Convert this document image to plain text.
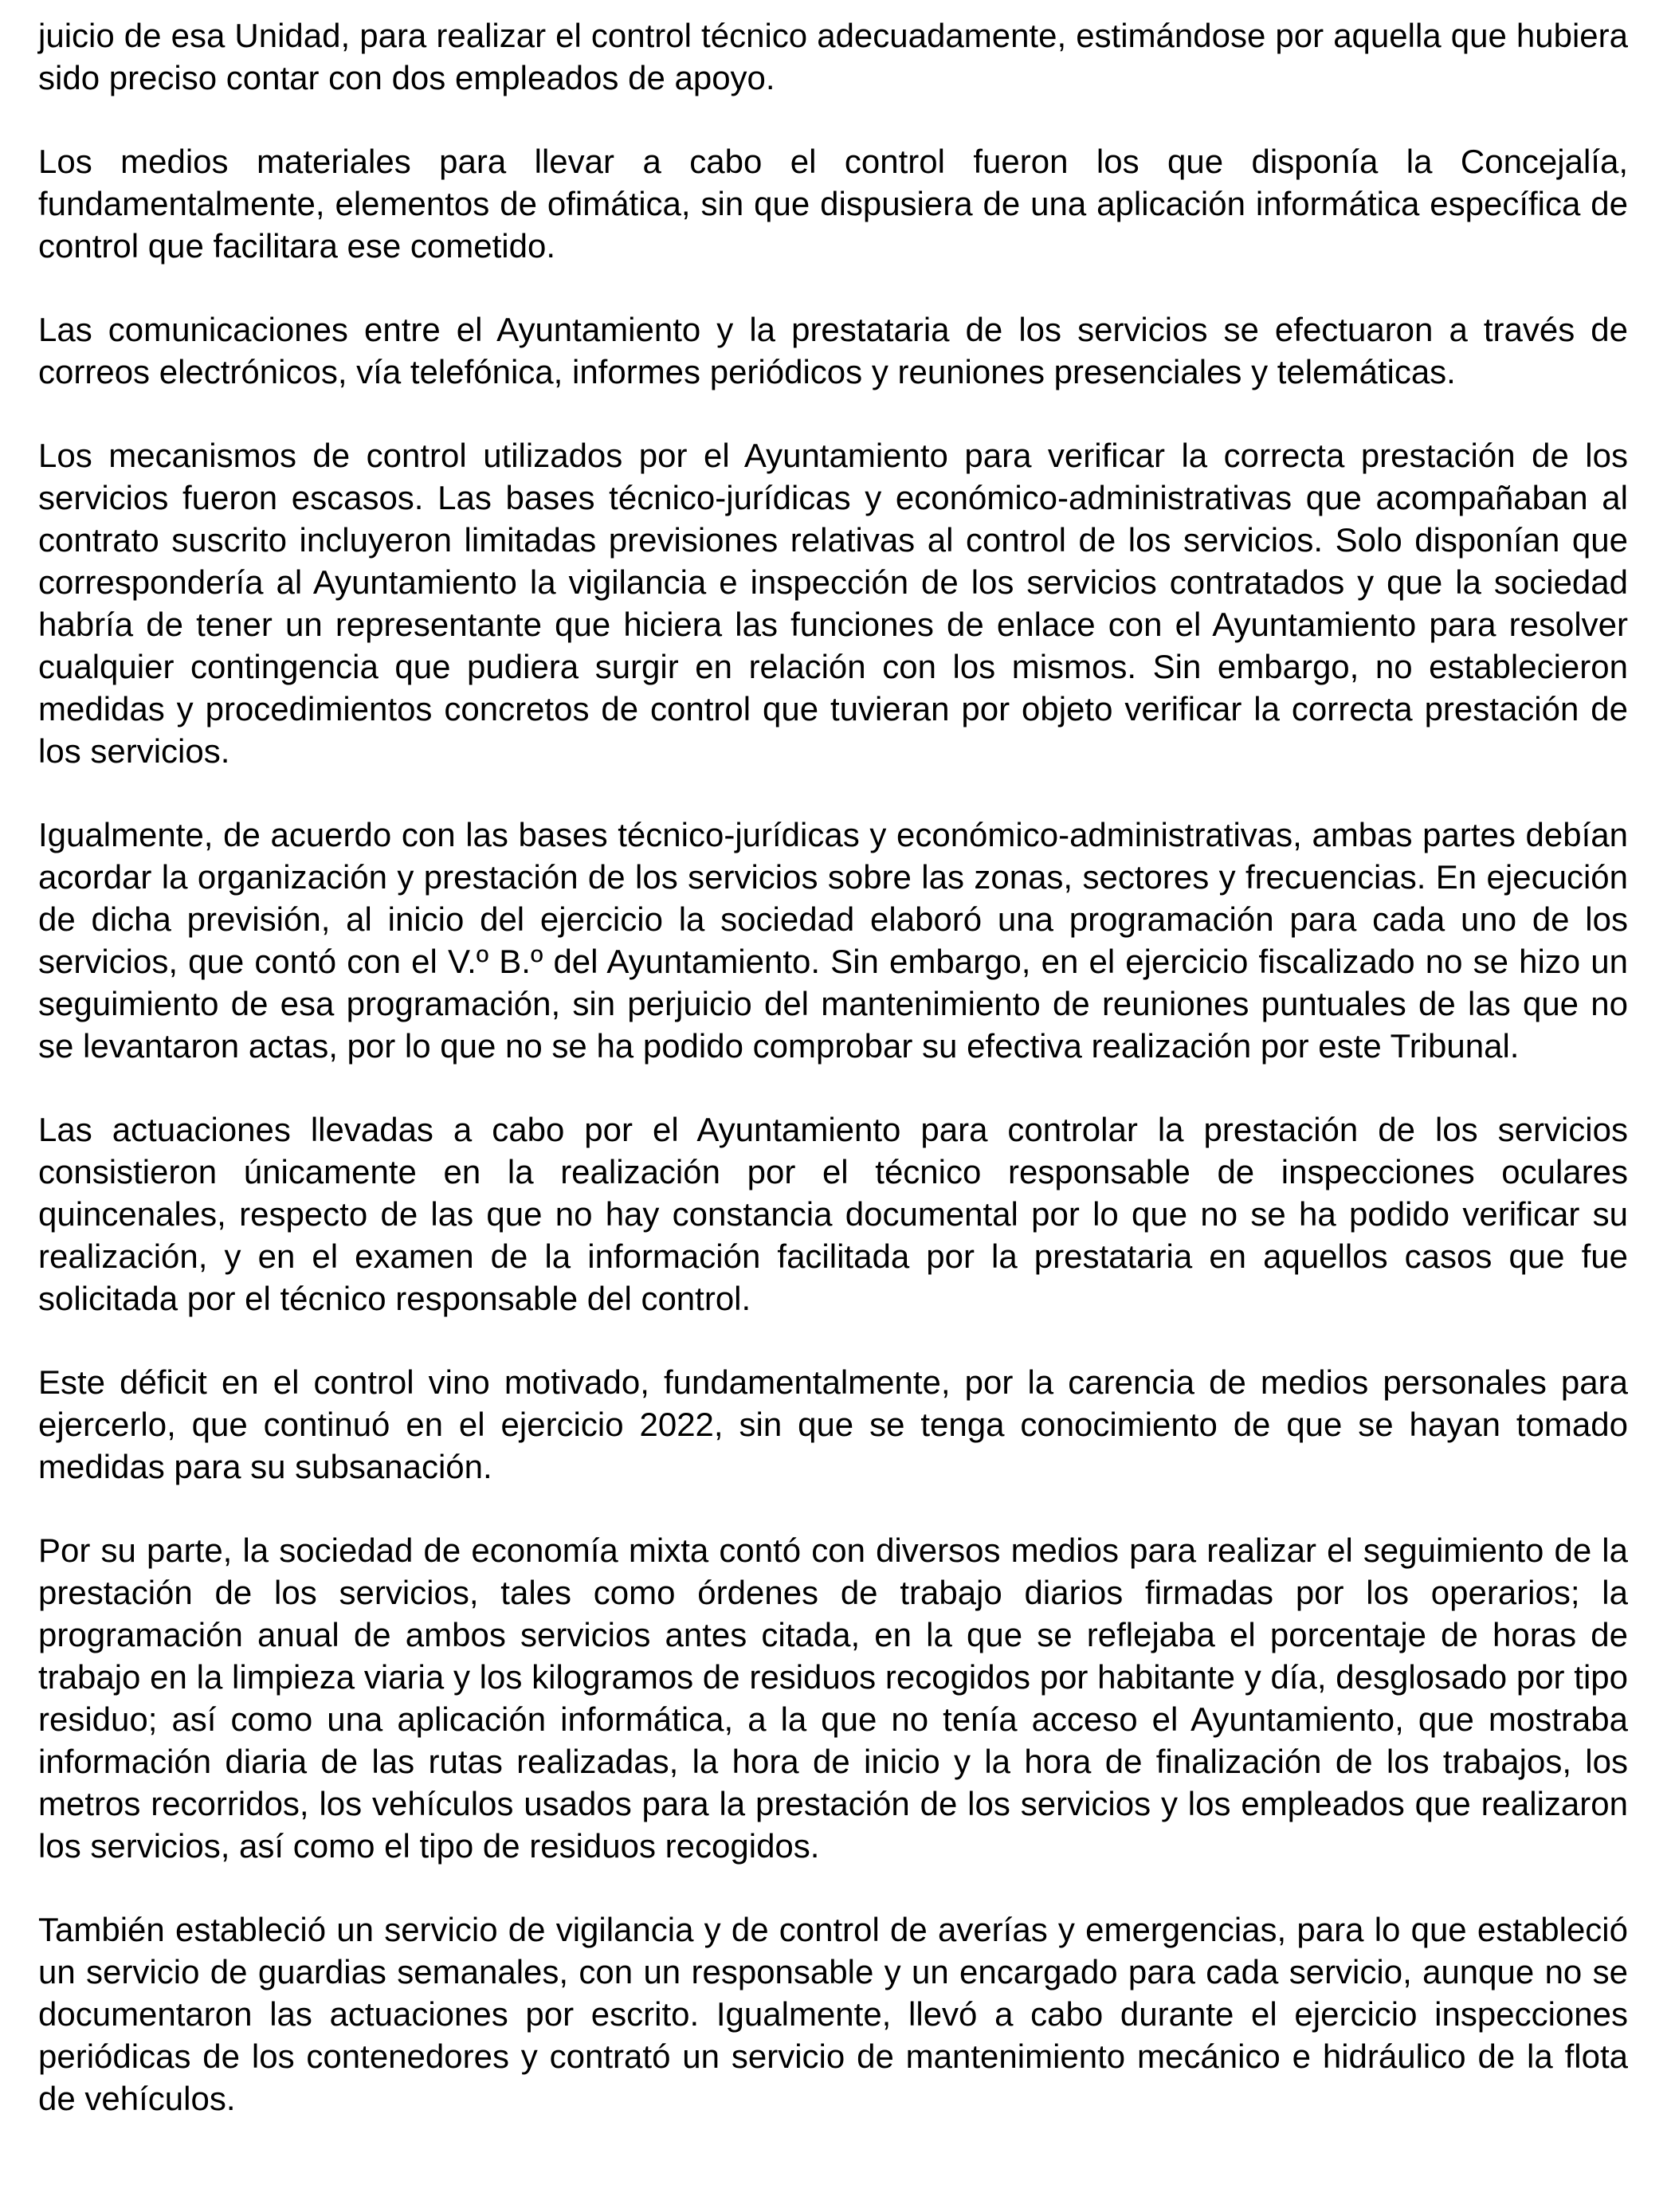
juicio de esa Unidad, para realizar el control técnico adecuadamente, estimándose por aquella que hubiera sido preciso contar con dos empleados de apoyo.

Los medios materiales para llevar a cabo el control fueron los que disponía la Concejalía, fundamentalmente, elementos de ofimática, sin que dispusiera de una aplicación informática específica de control que facilitara ese cometido.

Las comunicaciones entre el Ayuntamiento y la prestataria de los servicios se efectuaron a través de correos electrónicos, vía telefónica, informes periódicos y reuniones presenciales y telemáticas.

Los mecanismos de control utilizados por el Ayuntamiento para verificar la correcta prestación de los servicios fueron escasos. Las bases técnico-jurídicas y económico-administrativas que acompañaban al contrato suscrito incluyeron limitadas previsiones relativas al control de los servicios. Solo disponían que correspondería al Ayuntamiento la vigilancia e inspección de los servicios contratados y que la sociedad habría de tener un representante que hiciera las funciones de enlace con el Ayuntamiento para resolver cualquier contingencia que pudiera surgir en relación con los mismos. Sin embargo, no establecieron medidas y procedimientos concretos de control que tuvieran por objeto verificar la correcta prestación de los servicios.

Igualmente, de acuerdo con las bases técnico-jurídicas y económico-administrativas, ambas partes debían acordar la organización y prestación de los servicios sobre las zonas, sectores y frecuencias. En ejecución de dicha previsión, al inicio del ejercicio la sociedad elaboró una programación para cada uno de los servicios, que contó con el V.º B.º del Ayuntamiento. Sin embargo, en el ejercicio fiscalizado no se hizo un seguimiento de esa programación, sin perjuicio del mantenimiento de reuniones puntuales de las que no se levantaron actas, por lo que no se ha podido comprobar su efectiva realización por este Tribunal.

Las actuaciones llevadas a cabo por el Ayuntamiento para controlar la prestación de los servicios consistieron únicamente en la realización por el técnico responsable de inspecciones oculares quincenales, respecto de las que no hay constancia documental por lo que no se ha podido verificar su realización, y en el examen de la información facilitada por la prestataria en aquellos casos que fue solicitada por el técnico responsable del control.

Este déficit en el control vino motivado, fundamentalmente, por la carencia de medios personales para ejercerlo, que continuó en el ejercicio 2022, sin que se tenga conocimiento de que se hayan tomado medidas para su subsanación.

Por su parte, la sociedad de economía mixta contó con diversos medios para realizar el seguimiento de la prestación de los servicios, tales como órdenes de trabajo diarios firmadas por los operarios; la programación anual de ambos servicios antes citada, en la que se reflejaba el porcentaje de horas de trabajo en la limpieza viaria y los kilogramos de residuos recogidos por habitante y día, desglosado por tipo residuo; así como una aplicación informática, a la que no tenía acceso el Ayuntamiento, que mostraba información diaria de las rutas realizadas, la hora de inicio y la hora de finalización de los trabajos, los metros recorridos, los vehículos usados para la prestación de los servicios y los empleados que realizaron los servicios, así como el tipo de residuos recogidos.

También estableció un servicio de vigilancia y de control de averías y emergencias, para lo que estableció un servicio de guardias semanales, con un responsable y un encargado para cada servicio, aunque no se documentaron las actuaciones por escrito. Igualmente, llevó a cabo durante el ejercicio inspecciones periódicas de los contenedores y contrató un servicio de mantenimiento mecánico e hidráulico de la flota de vehículos.
